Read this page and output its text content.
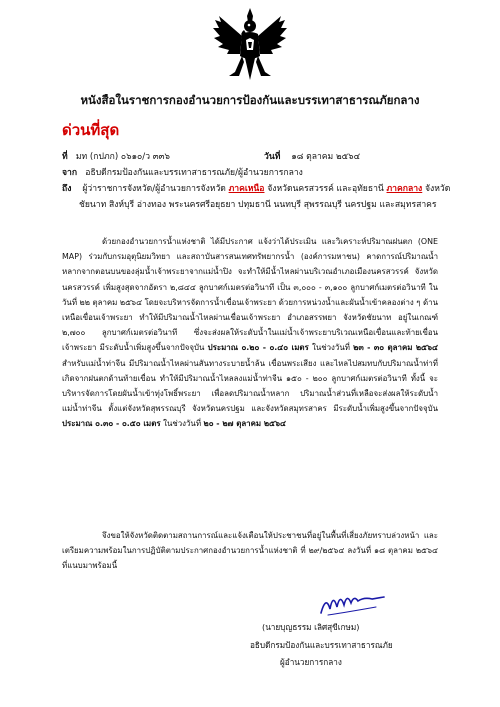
หนังสือในราชการกองอำนวยการป้องกันและบรรเทาสาธารณภัยกลาง
ด่วนที่สุด
ที่ มท (กปภก) ๐๖๑๐/ว ๓๓๖	วันที่ ๑๘ ตุลาคม ๒๕๖๔
จาก อธิบดีกรมป้องกันและบรรเทาสาธารณภัย/ผู้อำนวยการกลาง
ถึง ผู้ว่าราชการจังหวัด/ผู้อำนวยการจังหวัด ภาคเหนือ จังหวัดนครสวรรค์ และอุทัยธานี ภาคกลาง จังหวัด
ชัยนาท สิงห์บุรี อ่างทอง พระนครศรีอยุธยา ปทุมธานี นนทบุรี สุพรรณบุรี นครปฐม และสมุทรสาคร
ด้วยกองอำนวยการน้ำแห่งชาติ ได้มีประกาศ แจ้งว่าได้ประเมิน และวิเคราะห์ปริมาณฝนตก (ONE MAP) ร่วมกับกรมอุตุนิยมวิทยา และสถาบันสารสนเทศทรัพยากรน้ำ (องค์การมหาชน) คาดการณ์ปริมาณน้ำหลากจากตอนบนของลุ่มน้ำเจ้าพระยาจากแม่น้ำปิง จะทำให้มีน้ำไหลผ่านบริเวณอำเภอเมืองนครสวรรค์ จังหวัดนครสวรรค์ เพิ่มสูงสุดจากอัตรา ๒,๘๔๔ ลูกบาศก์เมตรต่อวินาที เป็น ๓,๐๐๐ - ๓,๑๐๐ ลูกบาศก์เมตรต่อวินาที ในวันที่ ๒๒ ตุลาคม ๒๕๖๔ โดยจะบริหารจัดการน้ำเขื่อนเจ้าพระยา ด้วยการหน่วงน้ำและผันน้ำเข้าคลองต่าง ๆ ด้านเหนือเขื่อนเจ้าพระยา ทำให้มีปริมาณน้ำไหลผ่านเขื่อนเจ้าพระยา อำเภอสรรพยา จังหวัดชัยนาท อยู่ในเกณฑ์ ๒,๗๐๐ ลูกบาศก์เมตรต่อวินาที ซึ่งจะส่งผลให้ระดับน้ำในแม่น้ำเจ้าพระยาบริเวณเหนือเขื่อนและท้ายเขื่อนเจ้าพระยา มีระดับน้ำเพิ่มสูงขึ้นจากปัจจุบัน ประมาณ ๐.๒๐ - ๐.๔๐ เมตร ในช่วงวันที่ ๒๓ - ๓๐ ตุลาคม ๒๕๖๔ สำหรับแม่น้ำท่าจีน มีปริมาณน้ำไหลผ่านสันทางระบายน้ำล้น เขื่อนพระเสียง และไหลไปสมทบกับปริมาณน้ำท่าที่เกิดจากฝนตกด้านท้ายเขื่อน ทำให้มีปริมาณน้ำไหลลงแม่น้ำท่าจีน ๑๕๐ - ๒๐๐ ลูกบาศก์เมตรต่อวินาที ทั้งนี้ จะบริหารจัดการโดยผันน้ำเข้าทุ่งโพธิ์พระยา เพื่อลดปริมาณน้ำหลาก ปริมาณน้ำส่วนที่เหลือจะส่งผลให้ระดับน้ำแม่น้ำท่าจีน ตั้งแต่จังหวัดสุพรรณบุรี จังหวัดนครปฐม และจังหวัดสมุทรสาคร มีระดับน้ำเพิ่มสูงขึ้นจากปัจจุบัน ประมาณ ๐.๓๐ - ๐.๕๐ เมตร ในช่วงวันที่ ๒๐ - ๒๗ ตุลาคม ๒๕๖๔
จึงขอให้จังหวัดติดตามสถานการณ์และแจ้งเตือนให้ประชาชนที่อยู่ในพื้นที่เสี่ยงภัยทราบล่วงหน้า และเตรียมความพร้อมในการปฏิบัติตามประกาศกองอำนวยการน้ำแห่งชาติ ที่ ๒๙/๒๕๖๔ ลงวันที่ ๑๘ ตุลาคม ๒๕๖๔ ที่แนบมาพร้อมนี้
(นายบุญธรรม เลิศสุขีเกษม)
อธิบดีกรมป้องกันและบรรเทาสาธารณภัย
ผู้อำนวยการกลาง
